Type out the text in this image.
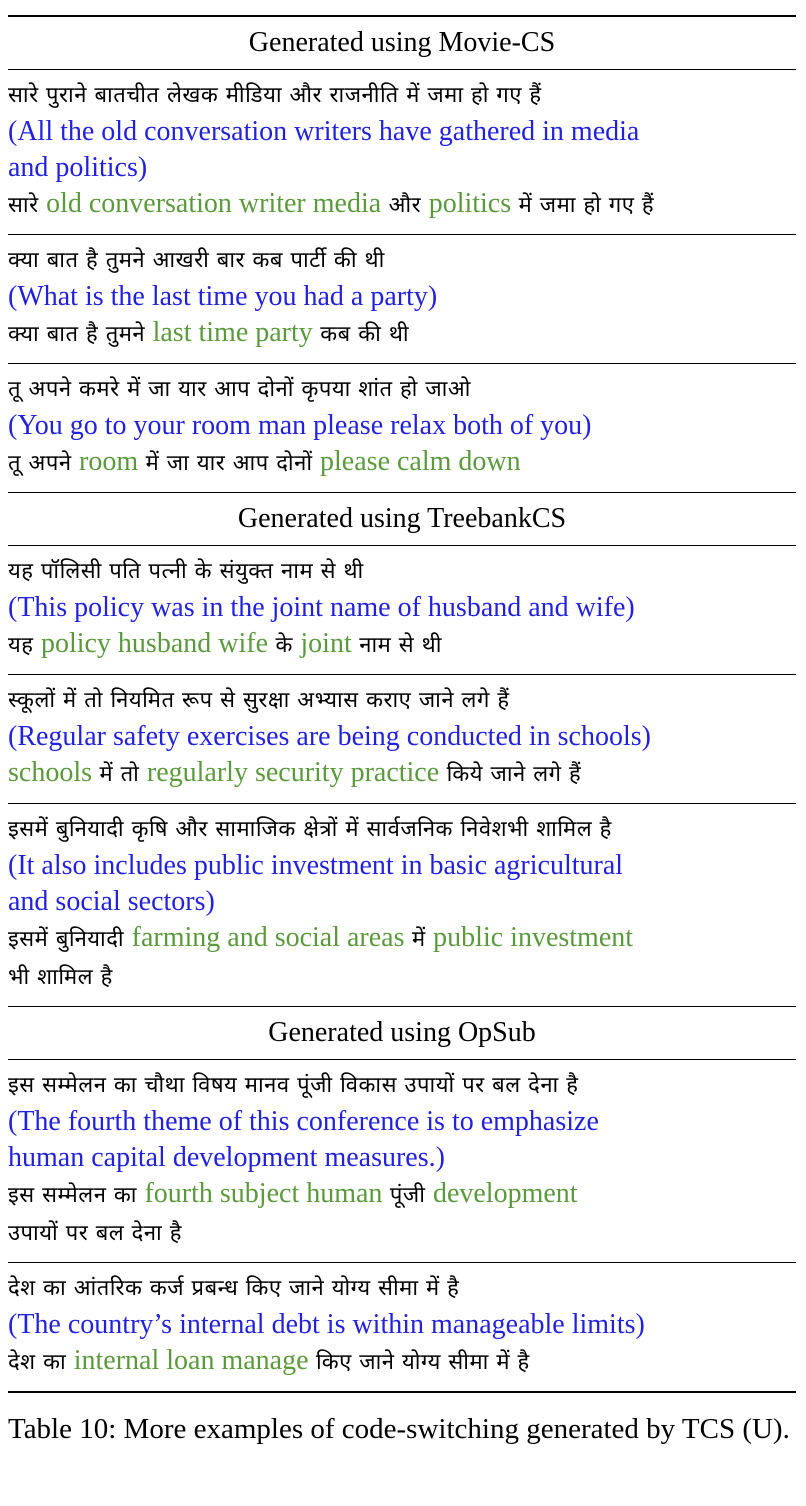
Generated using Movie-CS
सारे पुराने बातचीत लेखक मीडिया और राजनीति में जमा हो गए हैं
(All the old conversation writers have gathered in media
and politics)
सारे old conversation writer media और politics में जमा हो गए हैं
क्या बात है तुमने आखरी बार कब पार्टी की थी
(What is the last time you had a party)
क्या बात है तुमने last time party कब की थी
तू अपने कमरे में जा यार आप दोनों कृपया शांत हो जाओ
(You go to your room man please relax both of you)
तू अपने room में जा यार आप दोनों please calm down
Generated using TreebankCS
यह पॉलिसी पति पत्नी के संयुक्त नाम से थी
(This policy was in the joint name of husband and wife)
यह policy husband wife के joint नाम से थी
स्कूलों में तो नियमित रूप से सुरक्षा अभ्यास कराए जाने लगे हैं
(Regular safety exercises are being conducted in schools)
schools में तो regularly security practice किये जाने लगे हैं
इसमें बुनियादी कृषि और सामाजिक क्षेत्रों में सार्वजनिक निवेशभी शामिल है
(It also includes public investment in basic agricultural
and social sectors)
इसमें बुनियादी farming and social areas में public investment
भी शामिल है
Generated using OpSub
इस सम्मेलन का चौथा विषय मानव पूंजी विकास उपायों पर बल देना है
(The fourth theme of this conference is to emphasize
human capital development measures.)
इस सम्मेलन का fourth subject human पूंजी development
उपायों पर बल देना है
देश का आंतरिक कर्ज प्रबन्ध किए जाने योग्य सीमा में है
(The country’s internal debt is within manageable limits)
देश का internal loan manage किए जाने योग्य सीमा में है
Table 10: More examples of code-switching generated by TCS (U).
